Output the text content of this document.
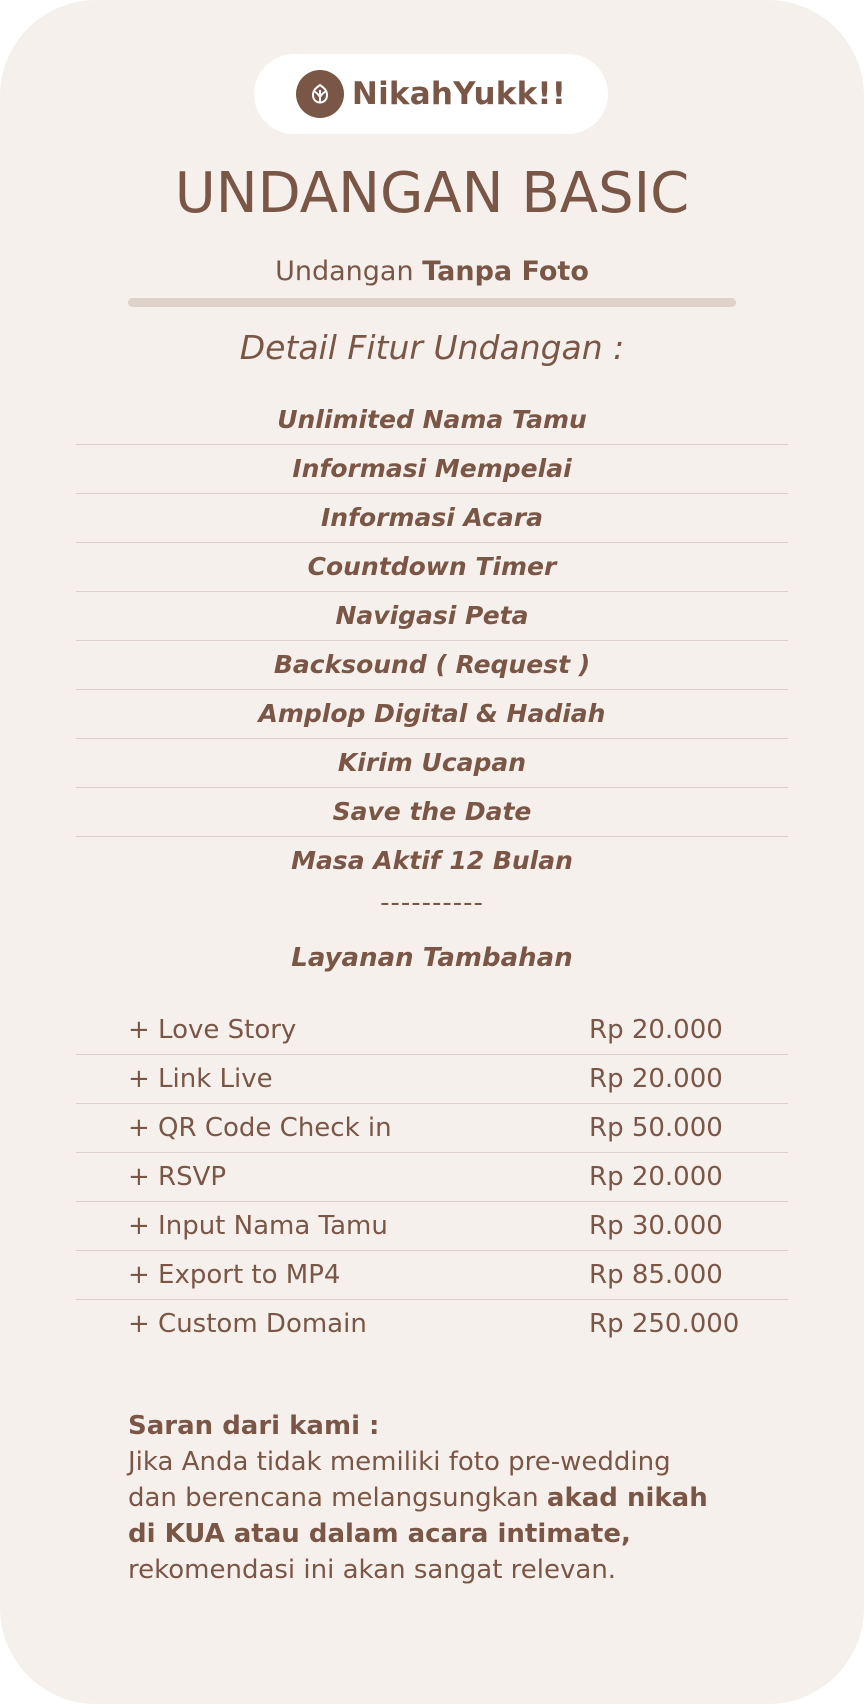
NikahYukk!!
UNDANGAN BASIC
Undangan Tanpa Foto
Detail Fitur Undangan :
Unlimited Nama Tamu
Informasi Mempelai
Informasi Acara
Countdown Timer
Navigasi Peta
Backsound ( Request )
Amplop Digital & Hadiah
Kirim Ucapan
Save the Date
Masa Aktif 12 Bulan
----------
Layanan Tambahan
+ Love Story	Rp 20.000
+ Link Live	Rp 20.000
+ QR Code Check in	Rp 50.000
+ RSVP	Rp 20.000
+ Input Nama Tamu	Rp 30.000
+ Export to MP4	Rp 85.000
+ Custom Domain	Rp 250.000
Saran dari kami :
Jika Anda tidak memiliki foto pre-wedding
dan berencana melangsungkan akad nikah
di KUA atau dalam acara intimate,
rekomendasi ini akan sangat relevan.
